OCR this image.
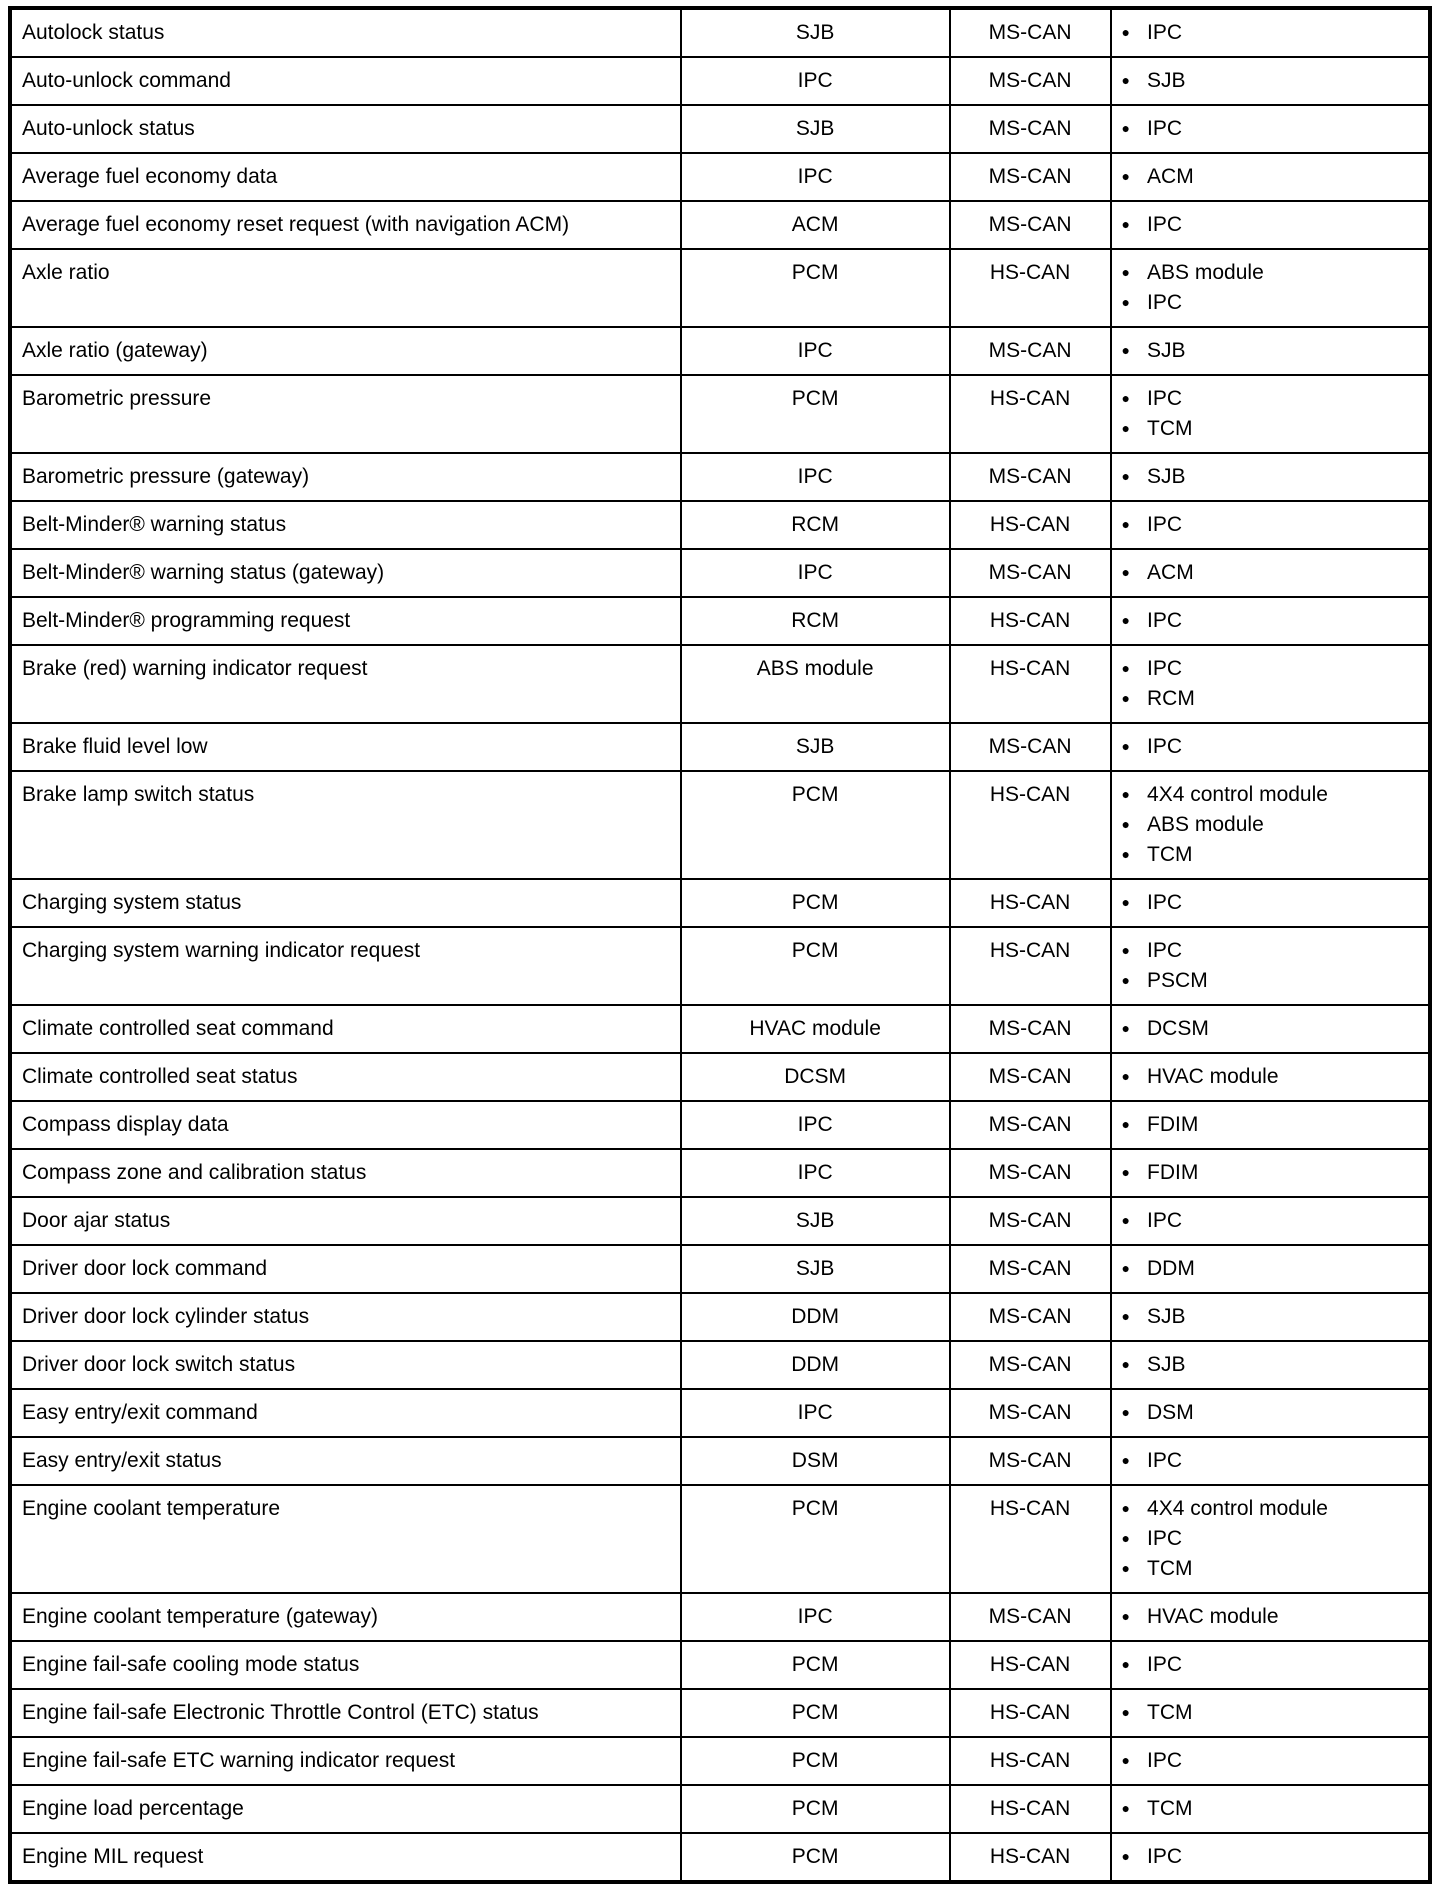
Autolock status	SJB	MS-CAN	● IPC

Auto-unlock command	IPC	MS-CAN	● SJB

Auto-unlock status	SJB	MS-CAN	● IPC

Average fuel economy data	IPC	MS-CAN	● ACM

Average fuel economy reset request (with navigation ACM)	ACM	MS-CAN	● IPC

Axle ratio	PCM	HS-CAN	● ABS module
● IPC

Axle ratio (gateway)	IPC	MS-CAN	● SJB

Barometric pressure	PCM	HS-CAN	● IPC
● TCM

Barometric pressure (gateway)	IPC	MS-CAN	● SJB

Belt-Minder® warning status	RCM	HS-CAN	● IPC

Belt-Minder® warning status (gateway)	IPC	MS-CAN	● ACM

Belt-Minder® programming request	RCM	HS-CAN	● IPC

Brake (red) warning indicator request	ABS module	HS-CAN	● IPC
● RCM

Brake fluid level low	SJB	MS-CAN	● IPC

Brake lamp switch status	PCM	HS-CAN	● 4X4 control module
● ABS module
● TCM

Charging system status	PCM	HS-CAN	● IPC

Charging system warning indicator request	PCM	HS-CAN	● IPC
● PSCM

Climate controlled seat command	HVAC module	MS-CAN	● DCSM

Climate controlled seat status	DCSM	MS-CAN	● HVAC module

Compass display data	IPC	MS-CAN	● FDIM

Compass zone and calibration status	IPC	MS-CAN	● FDIM

Door ajar status	SJB	MS-CAN	● IPC

Driver door lock command	SJB	MS-CAN	● DDM

Driver door lock cylinder status	DDM	MS-CAN	● SJB

Driver door lock switch status	DDM	MS-CAN	● SJB

Easy entry/exit command	IPC	MS-CAN	● DSM

Easy entry/exit status	DSM	MS-CAN	● IPC

Engine coolant temperature	PCM	HS-CAN	● 4X4 control module
● IPC
● TCM

Engine coolant temperature (gateway)	IPC	MS-CAN	● HVAC module

Engine fail-safe cooling mode status	PCM	HS-CAN	● IPC

Engine fail-safe Electronic Throttle Control (ETC) status	PCM	HS-CAN	● TCM

Engine fail-safe ETC warning indicator request	PCM	HS-CAN	● IPC

Engine load percentage	PCM	HS-CAN	● TCM

Engine MIL request	PCM	HS-CAN	● IPC
